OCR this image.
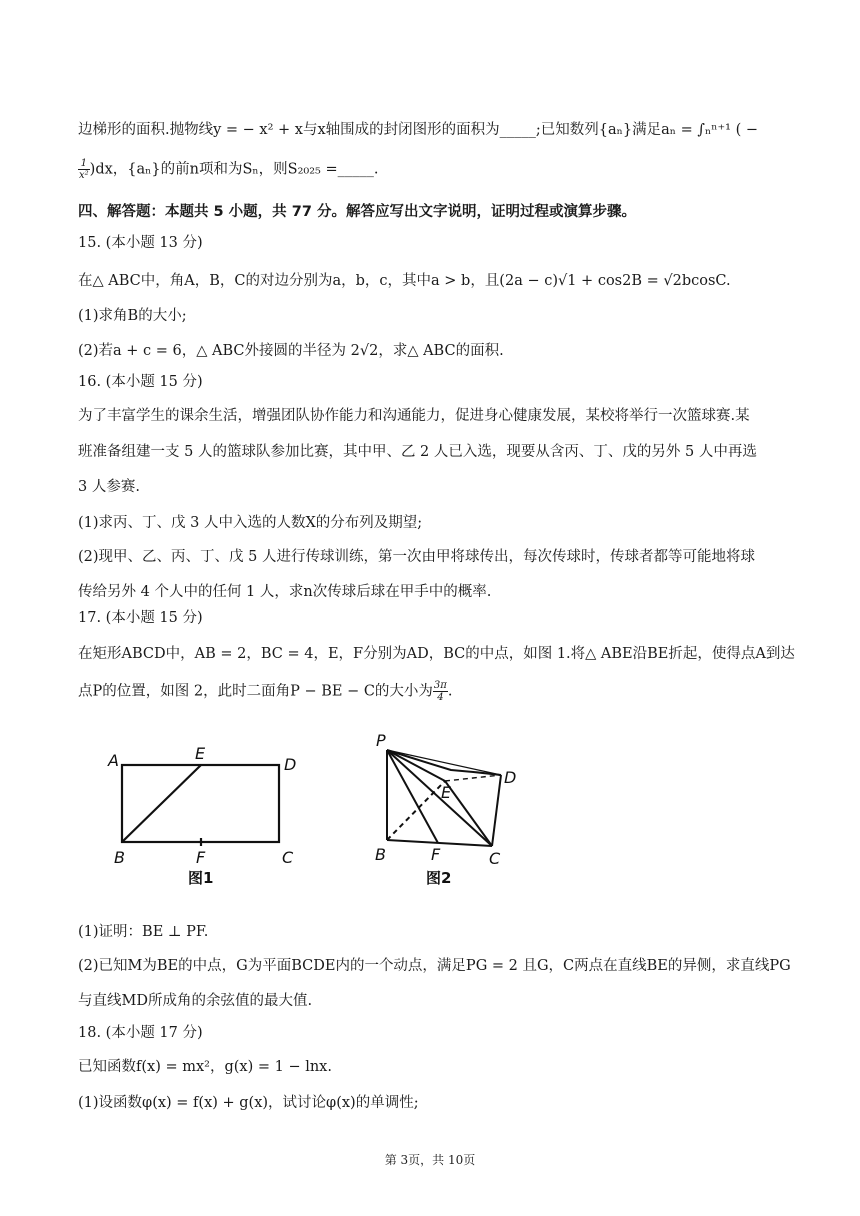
边梯形的面积.抛物线y = − x² + x与x轴围成的封闭图形的面积为_____;已知数列{aₙ}满足aₙ = ∫ₙⁿ⁺¹ ( −
$\frac{1}{\text{x²}} )dx$，{aₙ}的前n项和为Sₙ，则S₂₀₂₅ =_____.
四、解答题：本题共 5 小题，共 77 分。解答应写出文字说明，证明过程或演算步骤。
15. (本小题 13 分)
在△ ABC中，角A，B，C的对边分别为a，b，c，其中a > b，且(2a − c)√1 + cos2B = √2bcosC.
(1)求角B的大小;
(2)若a + c = 6，△ ABC外接圆的半径为 2√2，求△ ABC的面积.
16. (本小题 15 分)
为了丰富学生的课余生活，增强团队协作能力和沟通能力，促进身心健康发展，某校将举行一次篮球赛.某
班准备组建一支 5 人的篮球队参加比赛，其中甲、乙 2 人已入选，现要从含丙、丁、戊的另外 5 人中再选
3 人参赛.
(1)求丙、丁、戊 3 人中入选的人数X的分布列及期望;
(2)现甲、乙、丙、丁、戊 5 人进行传球训练，第一次由甲将球传出，每次传球时，传球者都等可能地将球
传给另外 4 个人中的任何 1 人，求n次传球后球在甲手中的概率.
17. (本小题 15 分)
在矩形ABCD中，AB = 2，BC = 4，E，F分别为AD，BC的中点，如图 1.将△ ABE沿BE折起，使得点A到达
点P的位置，如图 2，此时二面角P − BE − C的大小为 $\frac{3\pi}{4}$ .
A	E
D
B	F	C
图1
P
E
D
B	F	C
图2
(1)证明：BE ⊥ PF.
(2)已知M为BE的中点，G为平面BCDE内的一个动点，满足PG = 2 且G，C两点在直线BE的异侧，求直线PG
与直线MD所成角的余弦值的最大值.
18. (本小题 17 分)
已知函数f(x) = mx²，g(x) = 1 − lnx.
(1)设函数φ(x) = f(x) + g(x)，试讨论φ(x)的单调性;
第 3页，共 10页
